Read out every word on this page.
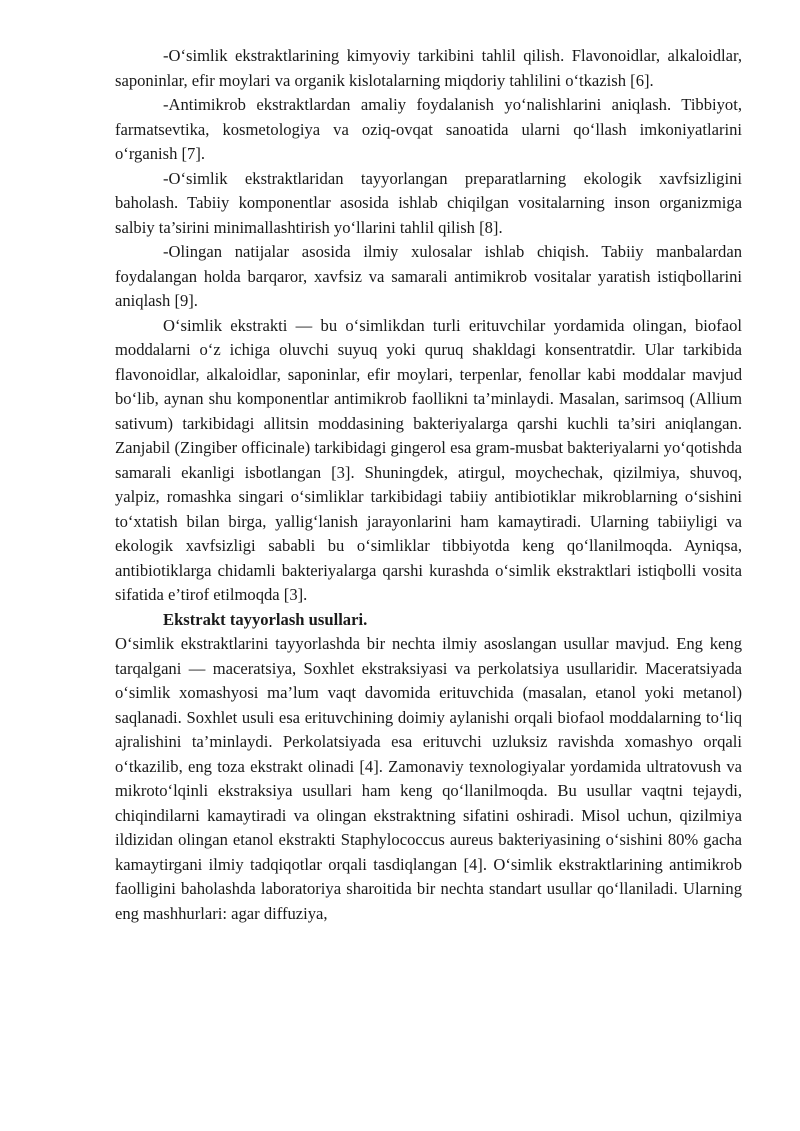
-O‘simlik ekstraktlarining kimyoviy tarkibini tahlil qilish. Flavonoidlar, alkaloidlar, saponinlar, efir moylari va organik kislotalarning miqdoriy tahlilini o‘tkazish [6].

-Antimikrob ekstraktlardan amaliy foydalanish yo‘nalishlarini aniqlash. Tibbiyot, farmatsevtika, kosmetologiya va oziq-ovqat sanoatida ularni qo‘llash imkoniyatlarini o‘rganish [7].

-O‘simlik ekstraktlaridan tayyorlangan preparatlarning ekologik xavfsizligini baholash. Tabiiy komponentlar asosida ishlab chiqilgan vositalarning inson organizmiga salbiy ta’sirini minimallashtirish yo‘llarini tahlil qilish [8].

-Olingan natijalar asosida ilmiy xulosalar ishlab chiqish. Tabiiy manbalardan foydalangan holda barqaror, xavfsiz va samarali antimikrob vositalar yaratish istiqbollarini aniqlash [9].

O‘simlik ekstrakti — bu o‘simlikdan turli erituvchilar yordamida olingan, biofaol moddalarni o‘z ichiga oluvchi suyuq yoki quruq shakldagi konsentratdir. Ular tarkibida flavonoidlar, alkaloidlar, saponinlar, efir moylari, terpenlar, fenollar kabi moddalar mavjud bo‘lib, aynan shu komponentlar antimikrob faollikni ta’minlaydi. Masalan, sarimsoq (Allium sativum) tarkibidagi allitsin moddasining bakteriyalarga qarshi kuchli ta’siri aniqlangan. Zanjabil (Zingiber officinale) tarkibidagi gingerol esa gram-musbat bakteriyalarni yo‘qotishda samarali ekanligi isbotlangan [3]. Shuningdek, atirgul, moychechak, qizilmiya, shuvoq, yalpiz, romashka singari o‘simliklar tarkibidagi tabiiy antibiotiklar mikroblarning o‘sishini to‘xtatish bilan birga, yallig‘lanish jarayonlarini ham kamaytiradi. Ularning tabiiyligi va ekologik xavfsizligi sababli bu o‘simliklar tibbiyotda keng qo‘llanilmoqda. Ayniqsa, antibiotiklarga chidamli bakteriyalarga qarshi kurashda o‘simlik ekstraktlari istiqbolli vosita sifatida e’tirof etilmoqda [3].

Ekstrakt tayyorlash usullari.

O‘simlik ekstraktlarini tayyorlashda bir nechta ilmiy asoslangan usullar mavjud. Eng keng tarqalgani — maceratsiya, Soxhlet ekstraksiyasi va perkolatsiya usullaridir. Maceratsiyada o‘simlik xomashyosi ma’lum vaqt davomida erituvchida (masalan, etanol yoki metanol) saqlanadi. Soxhlet usuli esa erituvchining doimiy aylanishi orqali biofaol moddalarning to‘liq ajralishini ta’minlaydi. Perkolatsiyada esa erituvchi uzluksiz ravishda xomashyo orqali o‘tkazilib, eng toza ekstrakt olinadi [4]. Zamonaviy texnologiyalar yordamida ultratovush va mikroto‘lqinli ekstraksiya usullari ham keng qo‘llanilmoqda. Bu usullar vaqtni tejaydi, chiqindilarni kamaytiradi va olingan ekstraktning sifatini oshiradi. Misol uchun, qizilmiya ildizidan olingan etanol ekstrakti Staphylococcus aureus bakteriyasining o‘sishini 80% gacha kamaytirgani ilmiy tadqiqotlar orqali tasdiqlangan [4]. O‘simlik ekstraktlarining antimikrob faolligini baholashda laboratoriya sharoitida bir nechta standart usullar qo‘llaniladi. Ularning eng mashhurlari: agar diffuziya,
